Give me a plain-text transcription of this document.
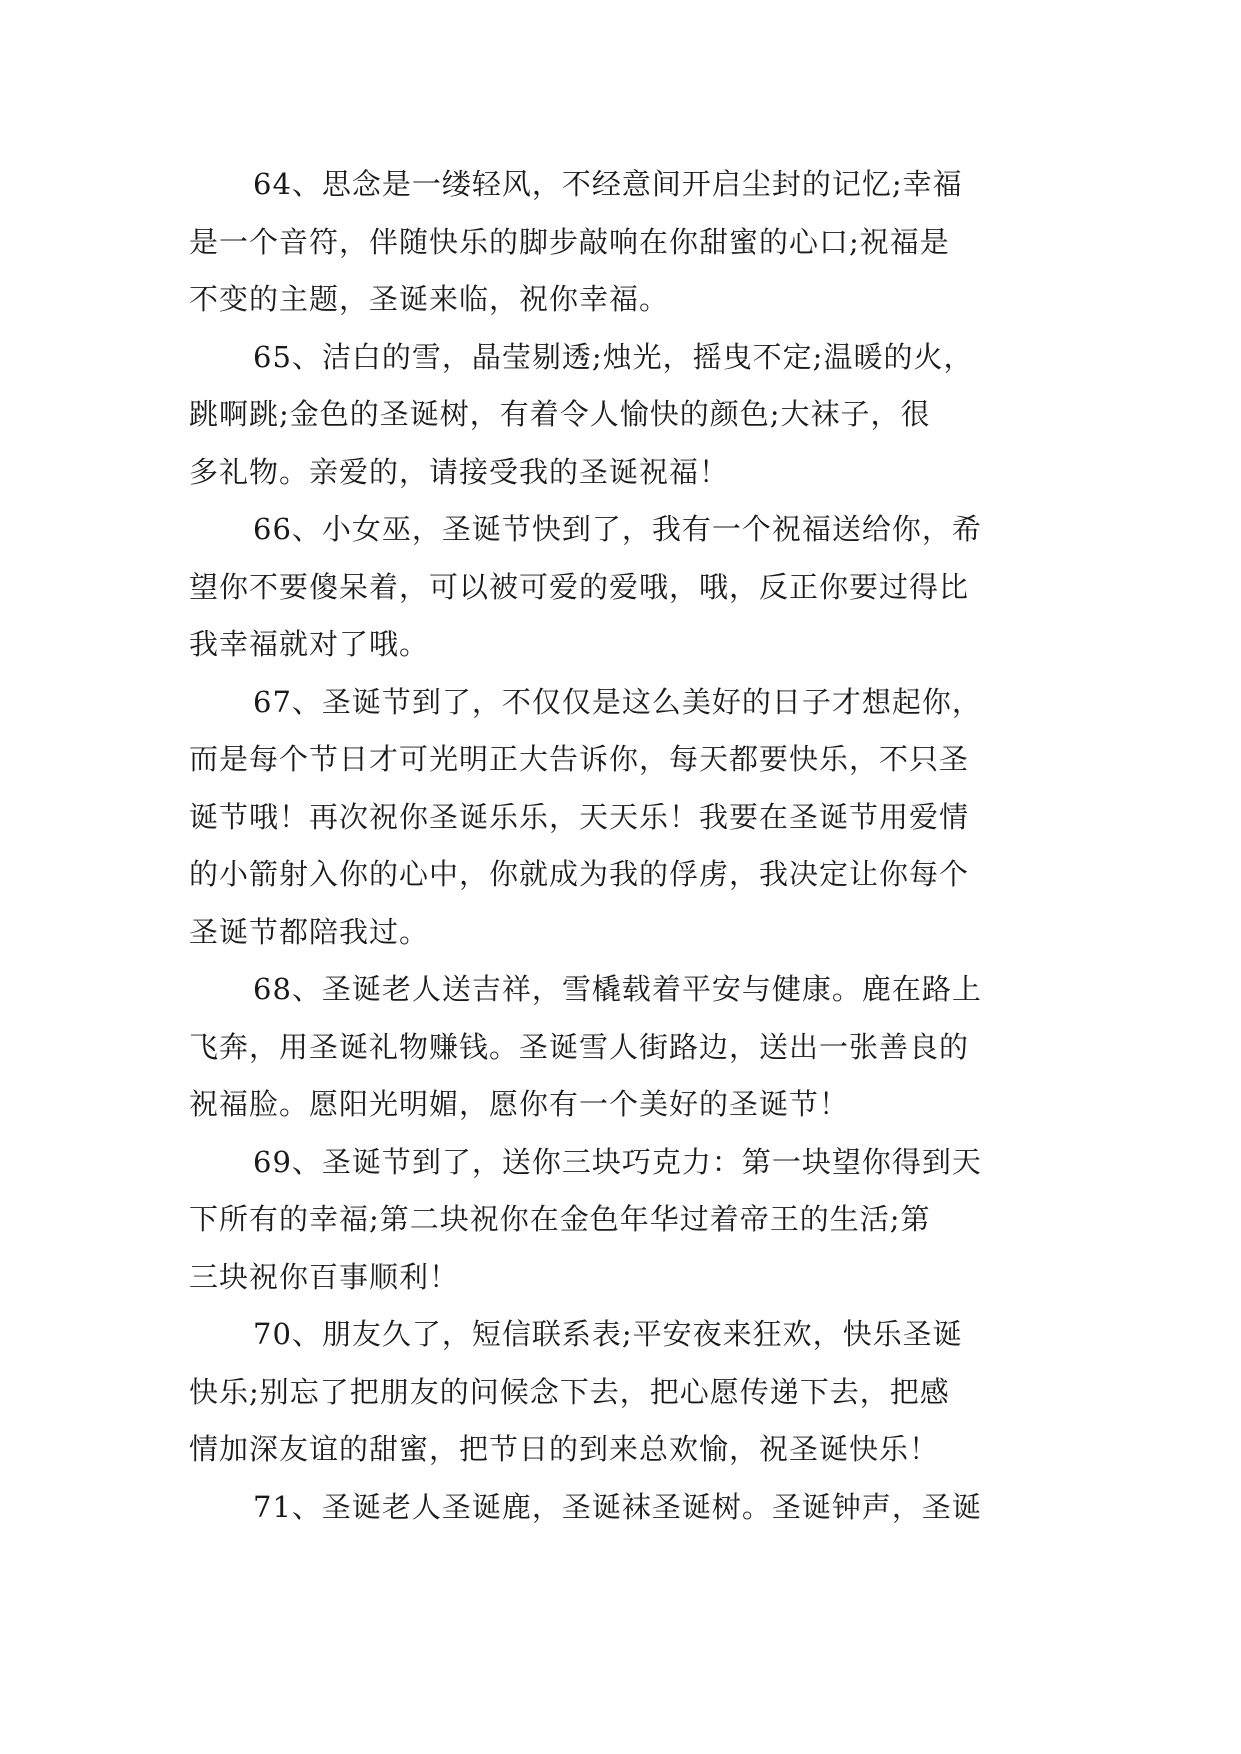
64、思念是一缕轻风，不经意间开启尘封的记忆;幸福
是一个音符，伴随快乐的脚步敲响在你甜蜜的心口;祝福是
不变的主题，圣诞来临，祝你幸福。

65、洁白的雪，晶莹剔透;烛光，摇曳不定;温暖的火，
跳啊跳;金色的圣诞树，有着令人愉快的颜色;大袜子，很
多礼物。亲爱的，请接受我的圣诞祝福！

66、小女巫，圣诞节快到了，我有一个祝福送给你，希
望你不要傻呆着，可以被可爱的爱哦，哦，反正你要过得比
我幸福就对了哦。

67、圣诞节到了，不仅仅是这么美好的日子才想起你，
而是每个节日才可光明正大告诉你，每天都要快乐，不只圣
诞节哦！再次祝你圣诞乐乐，天天乐！我要在圣诞节用爱情
的小箭射入你的心中，你就成为我的俘虏，我决定让你每个
圣诞节都陪我过。

68、圣诞老人送吉祥，雪橇载着平安与健康。鹿在路上
飞奔，用圣诞礼物赚钱。圣诞雪人街路边，送出一张善良的
祝福脸。愿阳光明媚，愿你有一个美好的圣诞节！

69、圣诞节到了，送你三块巧克力：第一块望你得到天
下所有的幸福;第二块祝你在金色年华过着帝王的生活;第
三块祝你百事顺利！

70、朋友久了，短信联系表;平安夜来狂欢，快乐圣诞
快乐;别忘了把朋友的问候念下去，把心愿传递下去，把感
情加深友谊的甜蜜，把节日的到来总欢愉，祝圣诞快乐！

71、圣诞老人圣诞鹿，圣诞袜圣诞树。圣诞钟声，圣诞
